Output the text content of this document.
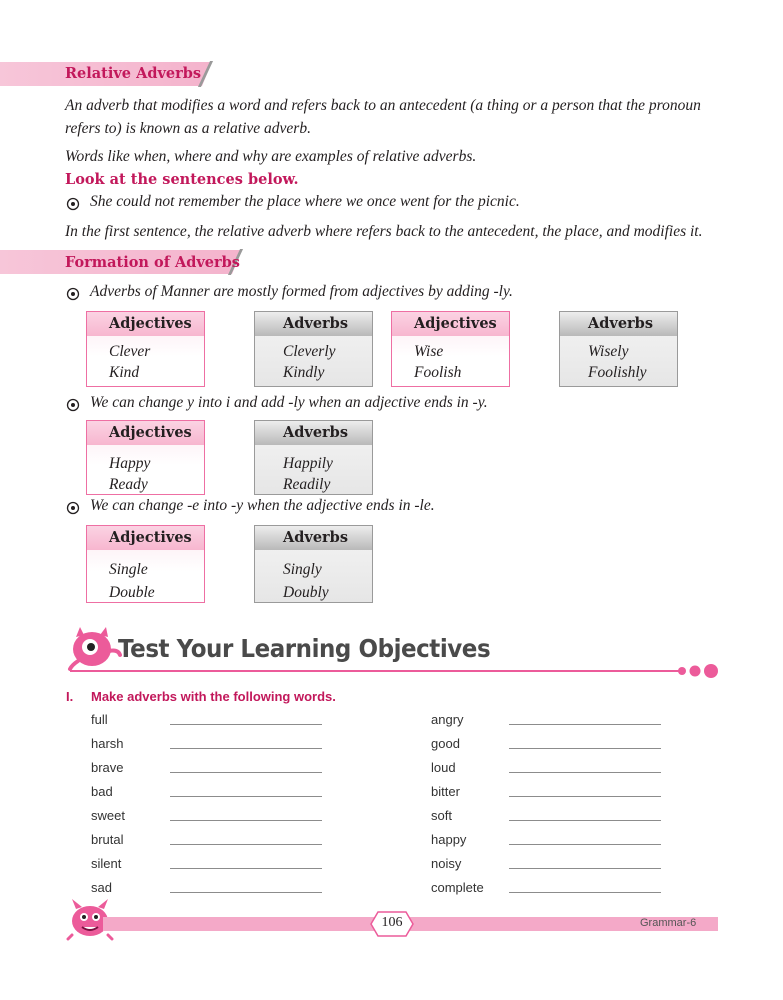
Relative Adverbs
An adverb that modifies a word and refers back to an antecedent (a thing or a person that the pronoun refers to) is known as a relative adverb.
Words like when, where and why are examples of relative adverbs.
Look at the sentences below.
She could not remember the place where we once went for the picnic.
In the first sentence, the relative adverb where refers back to the antecedent, the place, and modifies it.
Formation of Adverbs
Adverbs of Manner are mostly formed from adjectives by adding -ly.
Adjectives
Clever
Kind
Adverbs
Cleverly
Kindly
Adjectives
Wise
Foolish
Adverbs
Wisely
Foolishly
We can change y into i and add -ly when an adjective ends in -y.
Adjectives
Happy
Ready
Adverbs
Happily
Readily
We can change -e into -y when the adjective ends in -le.
Adjectives
Single
Double
Adverbs
Singly
Doubly
Test Your Learning Objectives
I. Make adverbs with the following words.
full
harsh
brave
bad
sweet
brutal
silent
sad
angry
good
loud
bitter
soft
happy
noisy
complete
106	Grammar-6
